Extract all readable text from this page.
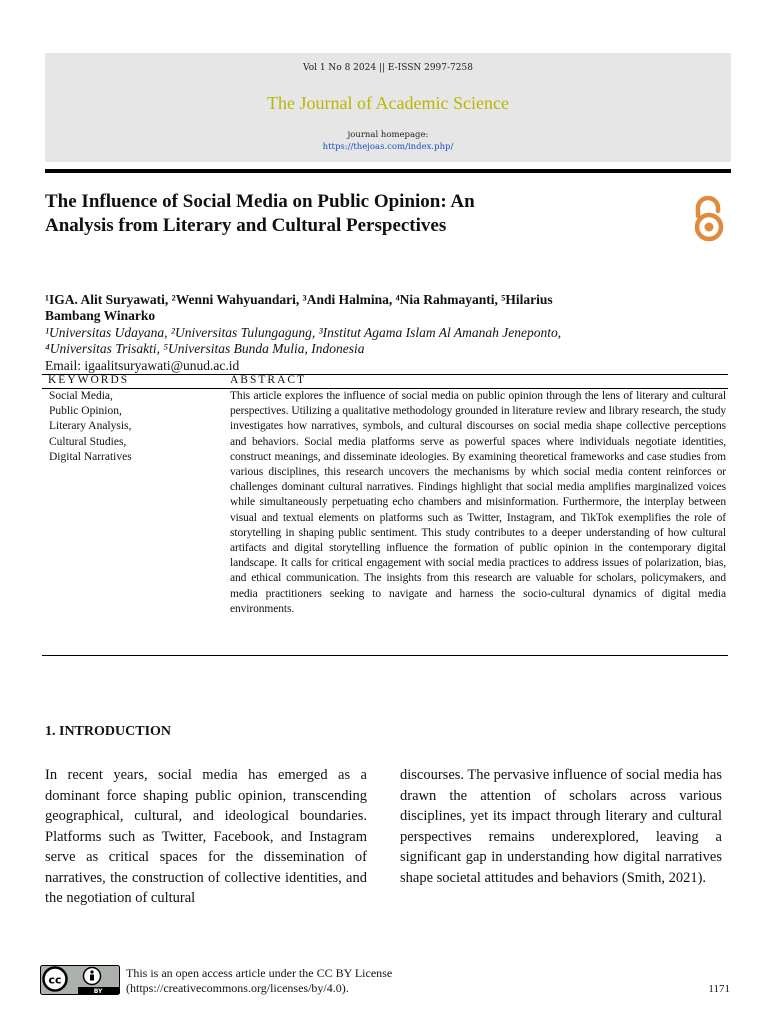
Vol 1 No 8 2024 || E-ISSN 2997-7258
The Journal of Academic Science
journal homepage:
https://thejoas.com/index.php/
The Influence of Social Media on Public Opinion: An
Analysis from Literary and Cultural Perspectives
¹IGA. Alit Suryawati, ²Wenni Wahyuandari, ³Andi Halmina, ⁴Nia Rahmayanti, ⁵Hilarius
Bambang Winarko
¹Universitas Udayana, ²Universitas Tulungagung, ³Institut Agama Islam Al Amanah Jeneponto,
⁴Universitas Trisakti, ⁵Universitas Bunda Mulia, Indonesia
Email: igaalitsuryawati@unud.ac.id
KEYWORDS	ABSTRACT
Social Media,
Public Opinion,
Literary Analysis,
Cultural Studies,
Digital Narratives
This article explores the influence of social media on public opinion through the lens of literary and cultural perspectives. Utilizing a qualitative methodology grounded in literature review and library research, the study investigates how narratives, symbols, and cultural discourses on social media shape collective perceptions and behaviors. Social media platforms serve as powerful spaces where individuals negotiate identities, construct meanings, and disseminate ideologies. By examining theoretical frameworks and case studies from various disciplines, this research uncovers the mechanisms by which social media content reinforces or challenges dominant cultural narratives. Findings highlight that social media amplifies marginalized voices while simultaneously perpetuating echo chambers and misinformation. Furthermore, the interplay between visual and textual elements on platforms such as Twitter, Instagram, and TikTok exemplifies the role of storytelling in shaping public sentiment. This study contributes to a deeper understanding of how cultural artifacts and digital storytelling influence the formation of public opinion in the contemporary digital landscape. It calls for critical engagement with social media practices to address issues of polarization, bias, and ethical communication. The insights from this research are valuable for scholars, policymakers, and media practitioners seeking to navigate and harness the socio-cultural dynamics of digital media environments.
1. INTRODUCTION
In recent years, social media has emerged as a dominant force shaping public opinion, transcending geographical, cultural, and ideological boundaries. Platforms such as Twitter, Facebook, and Instagram serve as critical spaces for the dissemination of narratives, the construction of collective identities, and the negotiation of cultural
discourses. The pervasive influence of social media has drawn the attention of scholars across various disciplines, yet its impact through literary and cultural perspectives remains underexplored, leaving a significant gap in understanding how digital narratives shape societal attitudes and behaviors (Smith, 2021).
BY
cc	This is an open access article under the CC BY License
(https://creativecommons.org/licenses/by/4.0).	1171
